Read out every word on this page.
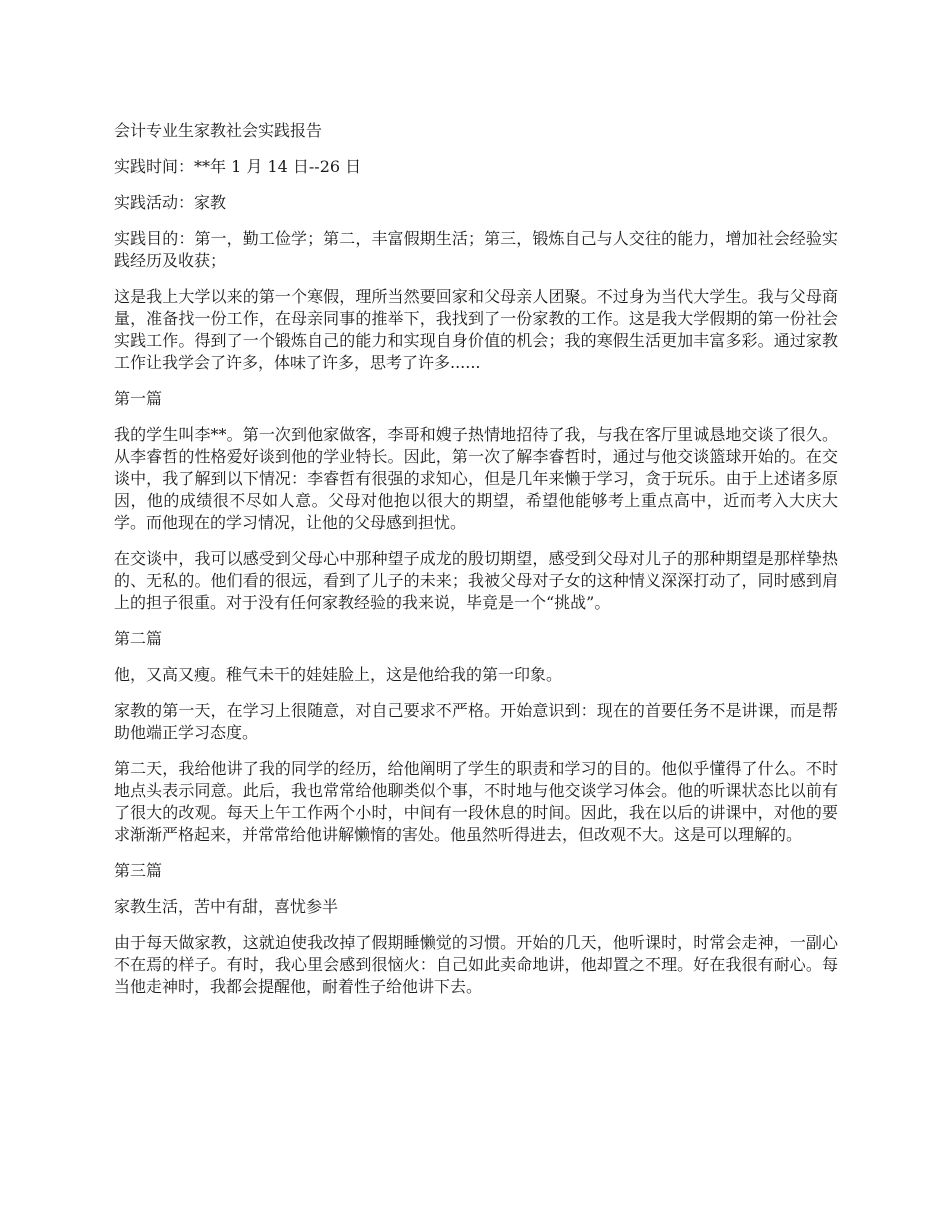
会计专业生家教社会实践报告

实践时间：**年 1 月 14 日--26 日

实践活动：家教

实践目的：第一，勤工俭学；第二，丰富假期生活；第三，锻炼自己与人交往的能力，增加社会经验实践经历及收获；

这是我上大学以来的第一个寒假，理所当然要回家和父母亲人团聚。不过身为当代大学生。我与父母商量，准备找一份工作，在母亲同事的推举下，我找到了一份家教的工作。这是我大学假期的第一份社会实践工作。得到了一个锻炼自己的能力和实现自身价值的机会；我的寒假生活更加丰富多彩。通过家教工作让我学会了许多，体味了许多，思考了许多......

第一篇

我的学生叫李**。第一次到他家做客，李哥和嫂子热情地招待了我，与我在客厅里诚恳地交谈了很久。从李睿哲的性格爱好谈到他的学业特长。因此，第一次了解李睿哲时，通过与他交谈篮球开始的。在交谈中，我了解到以下情况：李睿哲有很强的求知心，但是几年来懒于学习，贪于玩乐。由于上述诸多原因，他的成绩很不尽如人意。父母对他抱以很大的期望，希望他能够考上重点高中，近而考入大庆大学。而他现在的学习情况，让他的父母感到担忧。

在交谈中，我可以感受到父母心中那种望子成龙的殷切期望，感受到父母对儿子的那种期望是那样挚热的、无私的。他们看的很远，看到了儿子的未来；我被父母对子女的这种情义深深打动了，同时感到肩上的担子很重。对于没有任何家教经验的我来说，毕竟是一个“挑战”。

第二篇

他，又高又瘦。稚气未干的娃娃脸上，这是他给我的第一印象。

家教的第一天，在学习上很随意，对自己要求不严格。开始意识到：现在的首要任务不是讲课，而是帮助他端正学习态度。

第二天，我给他讲了我的同学的经历，给他阐明了学生的职责和学习的目的。他似乎懂得了什么。不时地点头表示同意。此后，我也常常给他聊类似个事，不时地与他交谈学习体会。他的听课状态比以前有了很大的改观。每天上午工作两个小时，中间有一段休息的时间。因此，我在以后的讲课中，对他的要求渐渐严格起来，并常常给他讲解懒惰的害处。他虽然听得进去，但改观不大。这是可以理解的。

第三篇

家教生活，苦中有甜，喜忧参半

由于每天做家教，这就迫使我改掉了假期睡懒觉的习惯。开始的几天，他听课时，时常会走神，一副心不在焉的样子。有时，我心里会感到很恼火：自己如此卖命地讲，他却置之不理。好在我很有耐心。每当他走神时，我都会提醒他，耐着性子给他讲下去。
